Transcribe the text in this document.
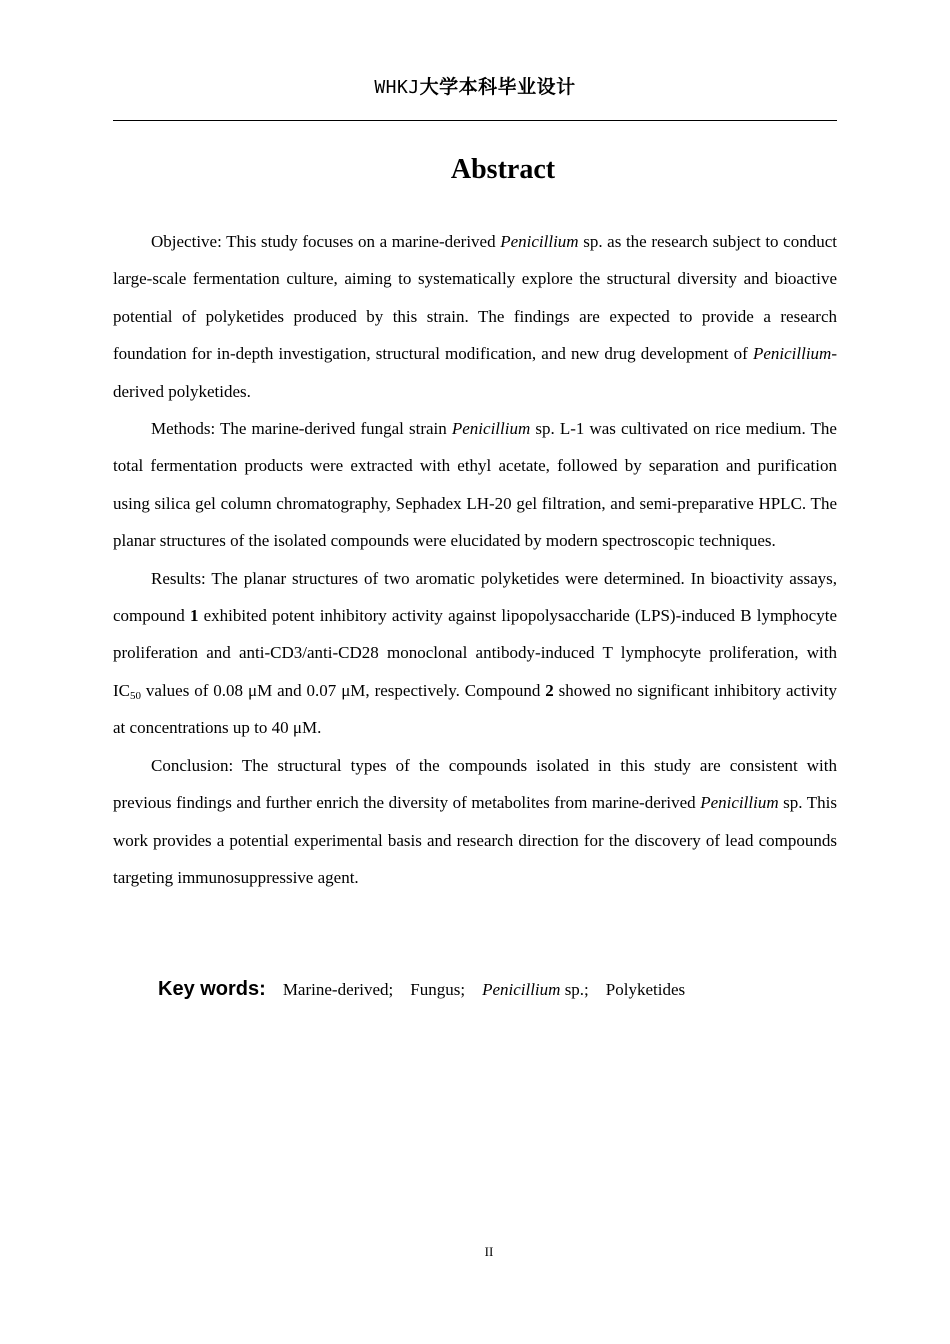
WHKJ大学本科毕业设计
Abstract

Objective: This study focuses on a marine-derived Penicillium sp. as the research subject to conduct large-scale fermentation culture, aiming to systematically explore the structural diversity and bioactive potential of polyketides produced by this strain. The findings are expected to provide a research foundation for in-depth investigation, structural modification, and new drug development of Penicillium-derived polyketides.

Methods: The marine-derived fungal strain Penicillium sp. L-1 was cultivated on rice medium. The total fermentation products were extracted with ethyl acetate, followed by separation and purification using silica gel column chromatography, Sephadex LH-20 gel filtration, and semi-preparative HPLC. The planar structures of the isolated compounds were elucidated by modern spectroscopic techniques.

Results: The planar structures of two aromatic polyketides were determined. In bioactivity assays, compound 1 exhibited potent inhibitory activity against lipopolysaccharide (LPS)-induced B lymphocyte proliferation and anti-CD3/anti-CD28 monoclonal antibody-induced T lymphocyte proliferation, with $IC_{50}$ values of 0.08 μM and 0.07 μM, respectively. Compound 2 showed no significant inhibitory activity at concentrations up to 40 μM.

Conclusion: The structural types of the compounds isolated in this study are consistent with previous findings and further enrich the diversity of metabolites from marine-derived Penicillium sp. This work provides a potential experimental basis and research direction for the discovery of lead compounds targeting immunosuppressive agent.

Key words: Marine-derived; Fungus; Penicillium sp.; Polyketides
II
